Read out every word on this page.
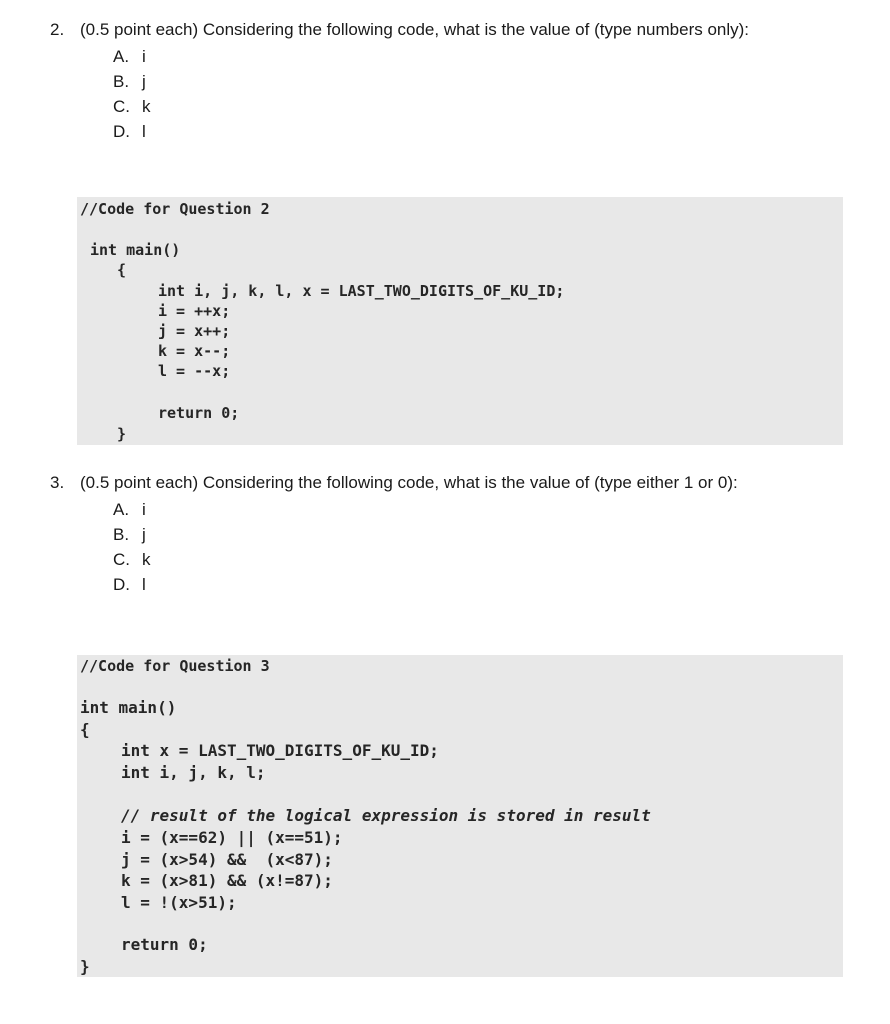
2. (0.5 point each) Considering the following code, what is the value of (type numbers only):
A. i
B. j
C. k
D. l
//Code for Question 2
int main()
{
int i, j, k, l, x = LAST_TWO_DIGITS_OF_KU_ID;
i = ++x;
j = x++;
k = x--;
l = --x;
return 0;
}
3. (0.5 point each) Considering the following code, what is the value of (type either 1 or 0):
A. i
B. j
C. k
D. l
//Code for Question 3
int main()
{
int x = LAST_TWO_DIGITS_OF_KU_ID;
int i, j, k, l;
// result of the logical expression is stored in result
i = (x==62) || (x==51);
j = (x>54) &&  (x<87);
k = (x>81) && (x!=87);
l = !(x>51);
return 0;
}
